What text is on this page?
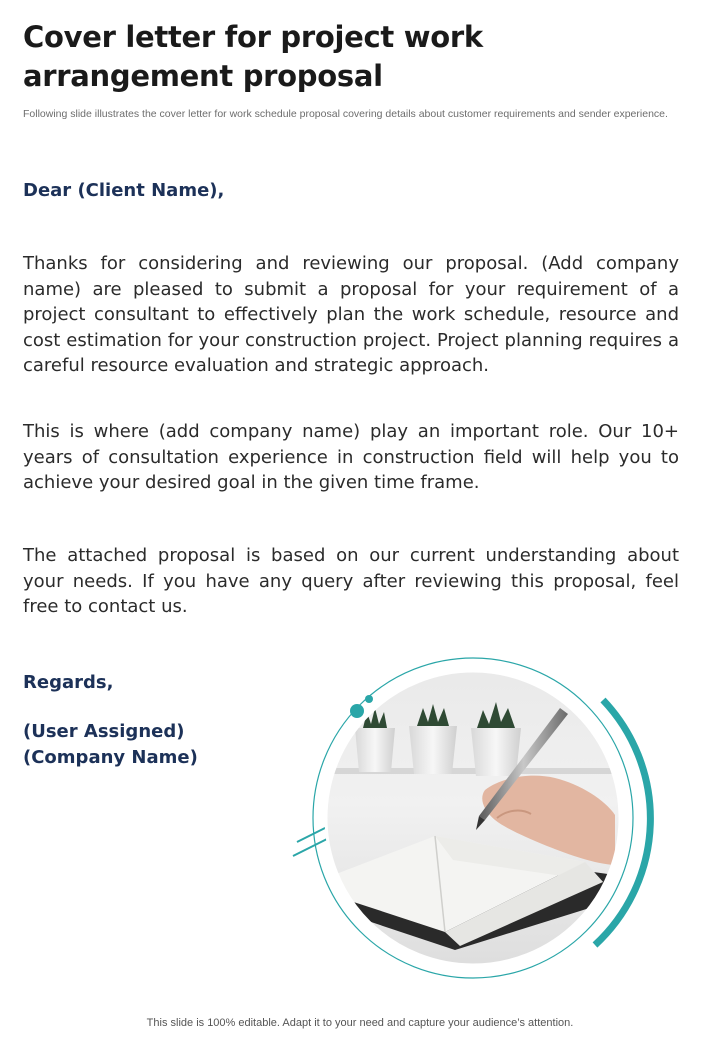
Cover letter for project work arrangement proposal

Following slide illustrates the cover letter for work schedule proposal covering details about customer requirements and sender experience.

Dear (Client Name),

Thanks for considering and reviewing our proposal. (Add company name) are pleased to submit a proposal for your requirement of a project consultant to effectively plan the work schedule, resource and cost estimation for your construction project. Project planning requires a careful resource evaluation and strategic approach.

This is where (add company name) play an important role. Our 10+ years of consultation experience in construction field will help you to achieve your desired goal in the given time frame.

The attached proposal is based on our current understanding about your needs. If you have any query after reviewing this proposal, feel free to contact us.

Regards,

(User Assigned)

(Company Name)

This slide is 100% editable. Adapt it to your need and capture your audience’s attention.
